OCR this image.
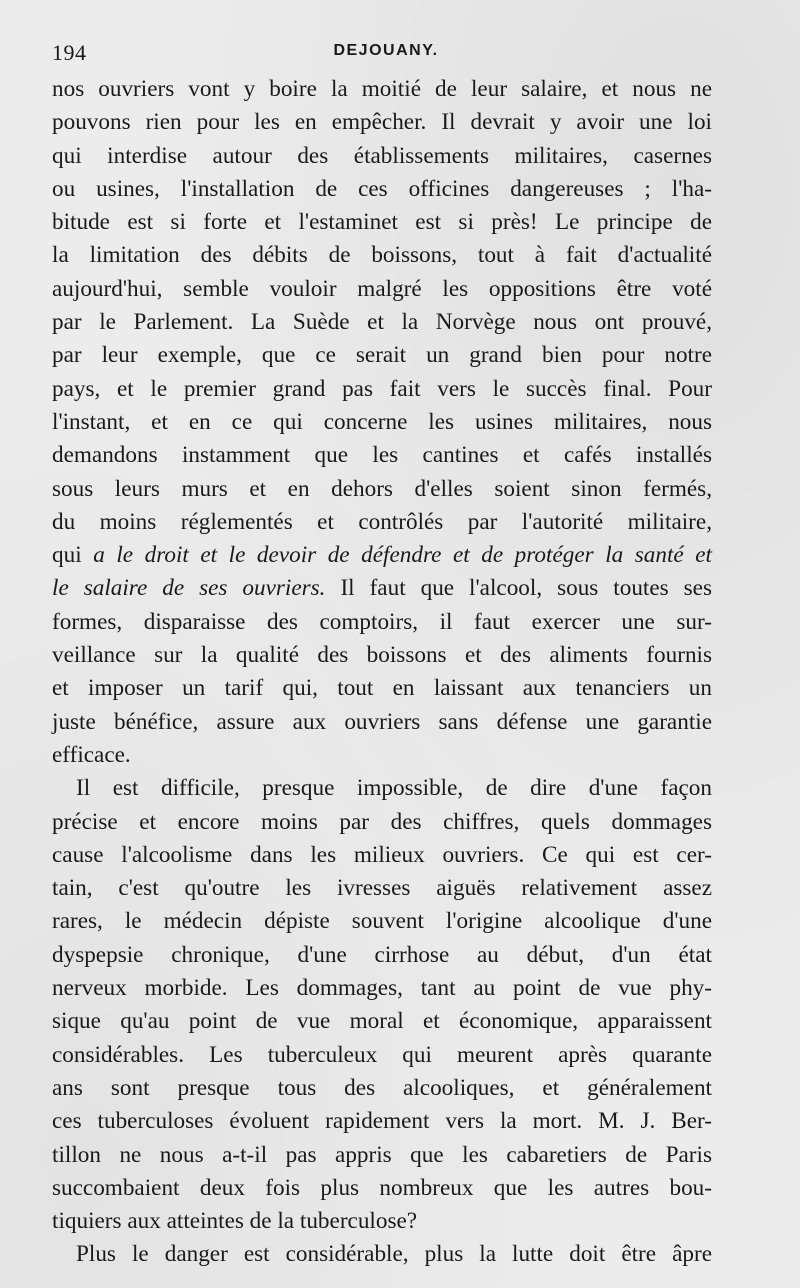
194	DEJOUANY.
nos ouvriers vont y boire la moitié de leur salaire, et nous ne
pouvons rien pour les en empêcher. Il devrait y avoir une loi
qui interdise autour des établissements militaires, casernes
ou usines, l'installation de ces officines dangereuses ; l'ha-
bitude est si forte et l'estaminet est si près! Le principe de
la limitation des débits de boissons, tout à fait d'actualité
aujourd'hui, semble vouloir malgré les oppositions être voté
par le Parlement. La Suède et la Norvège nous ont prouvé,
par leur exemple, que ce serait un grand bien pour notre
pays, et le premier grand pas fait vers le succès final. Pour
l'instant, et en ce qui concerne les usines militaires, nous
demandons instamment que les cantines et cafés installés
sous leurs murs et en dehors d'elles soient sinon fermés,
du moins réglementés et contrôlés par l'autorité militaire,
qui a le droit et le devoir de défendre et de protéger la santé et
le salaire de ses ouvriers. Il faut que l'alcool, sous toutes ses
formes, disparaisse des comptoirs, il faut exercer une sur-
veillance sur la qualité des boissons et des aliments fournis
et imposer un tarif qui, tout en laissant aux tenanciers un
juste bénéfice, assure aux ouvriers sans défense une garantie
efficace.
Il est difficile, presque impossible, de dire d'une façon
précise et encore moins par des chiffres, quels dommages
cause l'alcoolisme dans les milieux ouvriers. Ce qui est cer-
tain, c'est qu'outre les ivresses aiguës relativement assez
rares, le médecin dépiste souvent l'origine alcoolique d'une
dyspepsie chronique, d'une cirrhose au début, d'un état
nerveux morbide. Les dommages, tant au point de vue phy-
sique qu'au point de vue moral et économique, apparaissent
considérables. Les tuberculeux qui meurent après quarante
ans sont presque tous des alcooliques, et généralement
ces tuberculoses évoluent rapidement vers la mort. M. J. Ber-
tillon ne nous a-t-il pas appris que les cabaretiers de Paris
succombaient deux fois plus nombreux que les autres bou-
tiquiers aux atteintes de la tuberculose?
Plus le danger est considérable, plus la lutte doit être âpre
